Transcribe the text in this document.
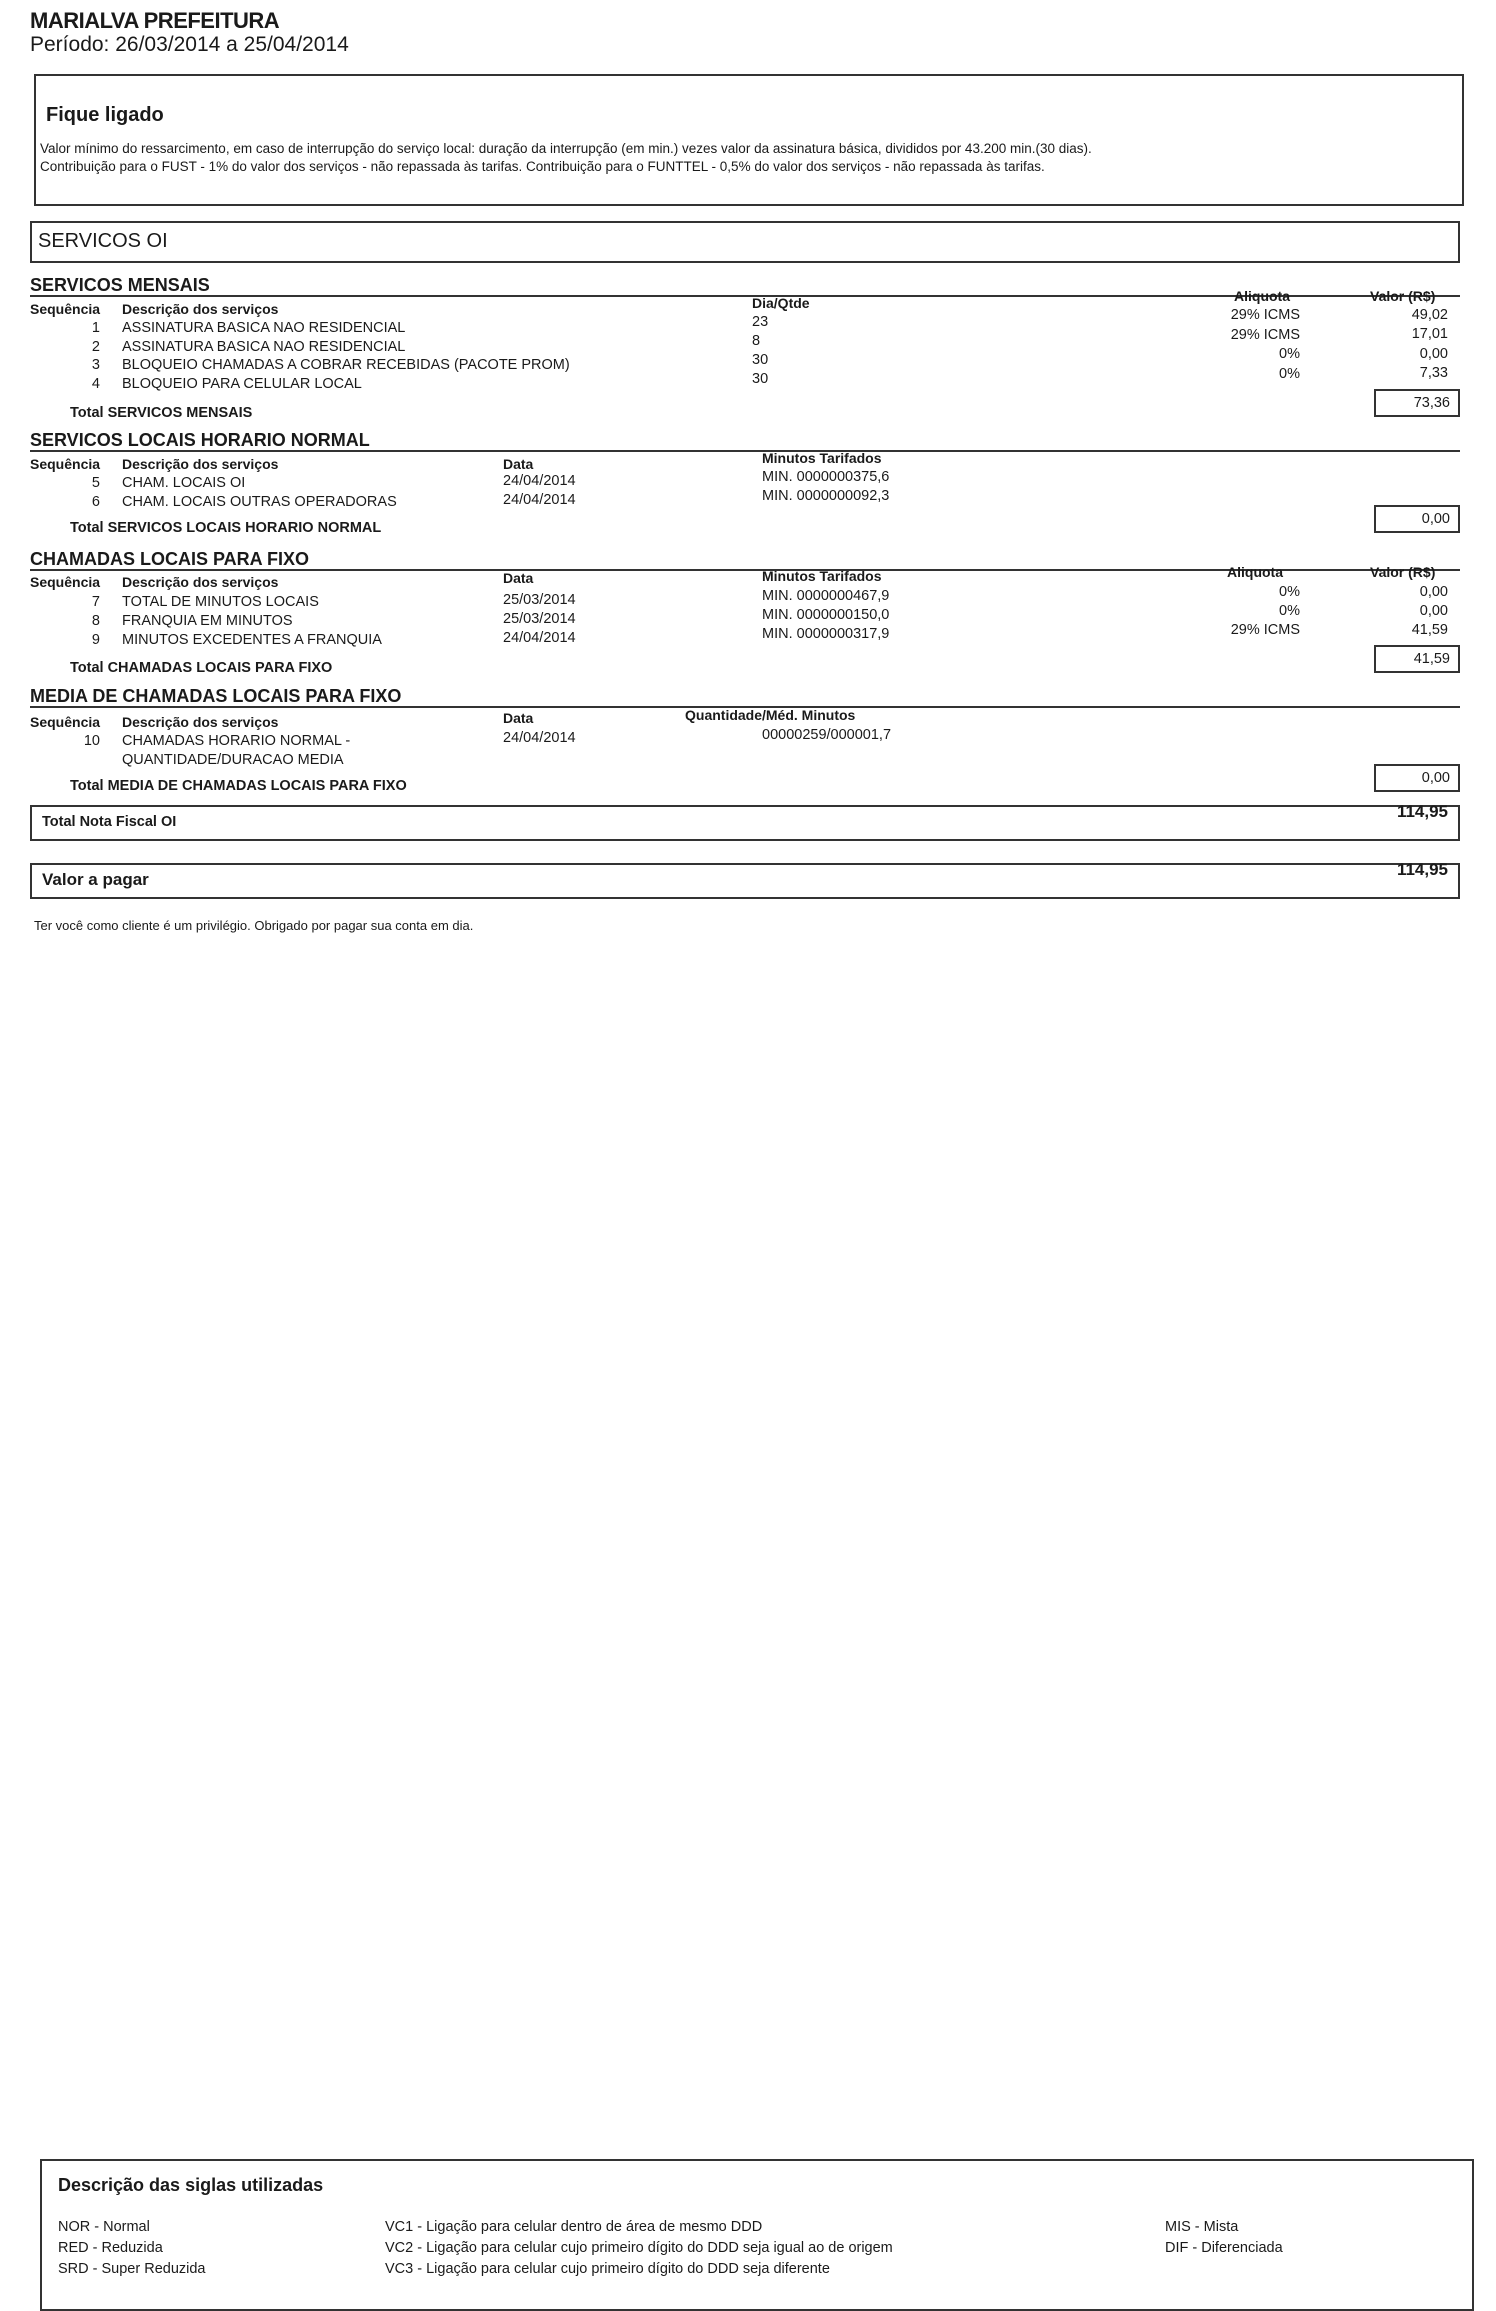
MARIALVA PREFEITURA
Período: 26/03/2014 a 25/04/2014
Fique ligado
Valor mínimo do ressarcimento, em caso de interrupção do serviço local: duração da interrupção (em min.) vezes valor da assinatura básica, divididos por 43.200 min.(30 dias).
Contribuição para o FUST - 1% do valor dos serviços - não repassada às tarifas. Contribuição para o FUNTTEL - 0,5% do valor dos serviços - não repassada às tarifas.
SERVICOS OI
SERVICOS MENSAIS
Sequência Descrição dos serviços	Dia/Qtde	Aliquota	Valor (R$)
1 ASSINATURA BASICA NAO RESIDENCIAL	23	29% ICMS	49,02
2 ASSINATURA BASICA NAO RESIDENCIAL	8	29% ICMS	17,01
3 BLOQUEIO CHAMADAS A COBRAR RECEBIDAS (PACOTE PROM)	30	0%	0,00
4 BLOQUEIO PARA CELULAR LOCAL	30	0%	7,33
Total SERVICOS MENSAIS
73,36
SERVICOS LOCAIS HORARIO NORMAL
Sequência Descrição dos serviços	Data	Minutos Tarifados
5 CHAM. LOCAIS OI	24/04/2014	MIN. 0000000375,6
6 CHAM. LOCAIS OUTRAS OPERADORAS	24/04/2014	MIN. 0000000092,3
Total SERVICOS LOCAIS HORARIO NORMAL
0,00
CHAMADAS LOCAIS PARA FIXO
Sequência Descrição dos serviços	Data	Minutos Tarifados	Aliquota	Valor (R$)
7 TOTAL DE MINUTOS LOCAIS	25/03/2014	MIN. 0000000467,9	0%	0,00
8 FRANQUIA EM MINUTOS	25/03/2014	MIN. 0000000150,0	0%	0,00
9 MINUTOS EXCEDENTES A FRANQUIA	24/04/2014	MIN. 0000000317,9	29% ICMS	41,59
Total CHAMADAS LOCAIS PARA FIXO
41,59
MEDIA DE CHAMADAS LOCAIS PARA FIXO
Sequência Descrição dos serviços	Data	Quantidade/Méd. Minutos
10 CHAMADAS HORARIO NORMAL -
QUANTIDADE/DURACAO MEDIA
24/04/2014	00000259/000001,7
Total MEDIA DE CHAMADAS LOCAIS PARA FIXO	0,00
Total Nota Fiscal OI
114,95
Valor a pagar
114,95
Ter você como cliente é um privilégio. Obrigado por pagar sua conta em dia.
Descrição das siglas utilizadas
NOR - Normal
RED - Reduzida
SRD - Super Reduzida
VC1 - Ligação para celular dentro de área de mesmo DDD
VC2 - Ligação para celular cujo primeiro dígito do DDD seja igual ao de origem
VC3 - Ligação para celular cujo primeiro dígito do DDD seja diferente
MIS - Mista
DIF - Diferenciada
